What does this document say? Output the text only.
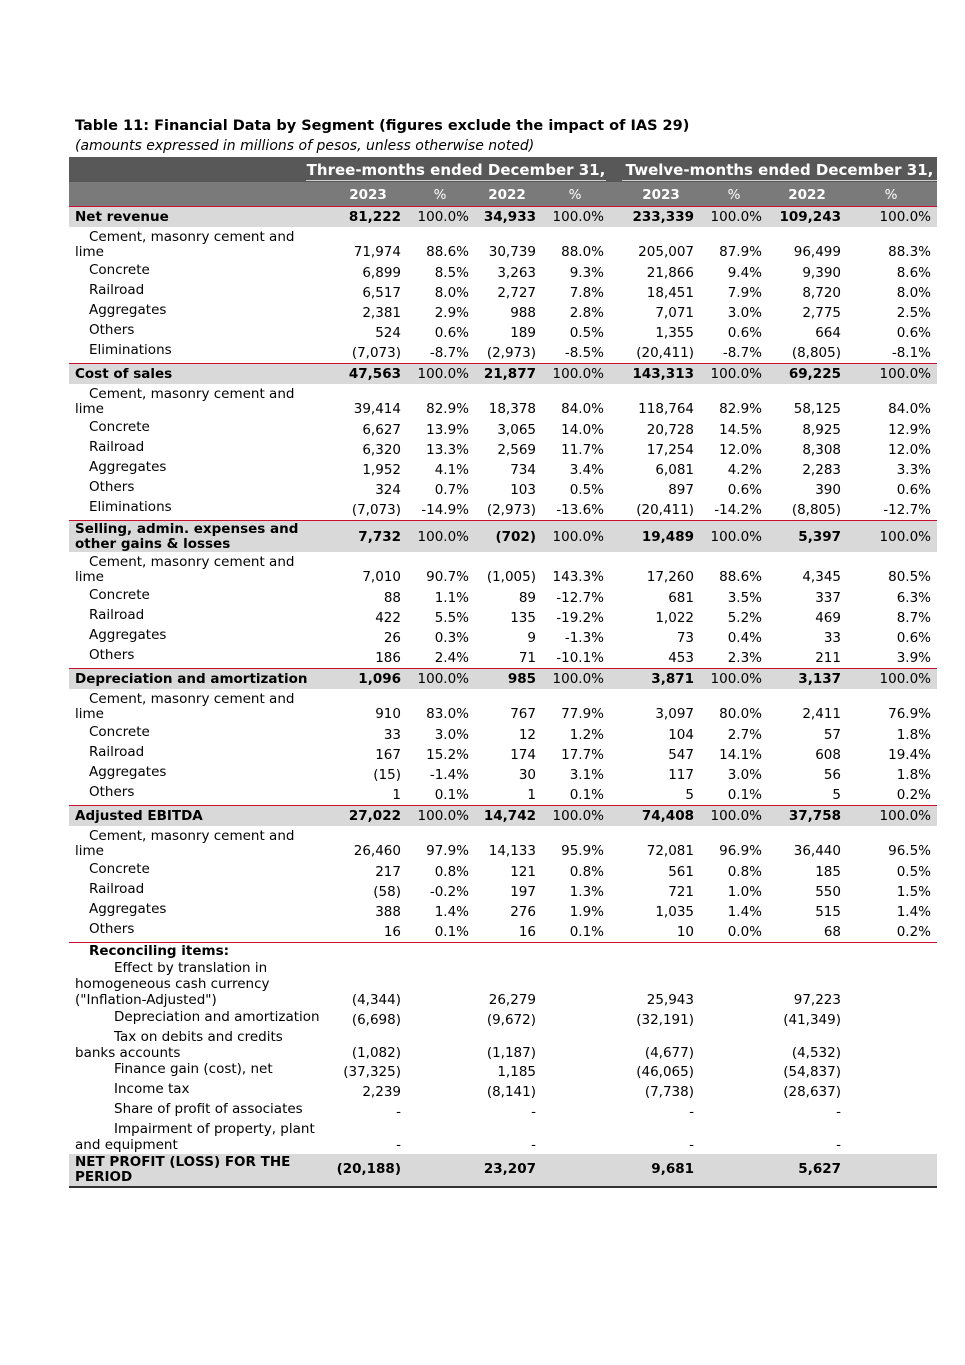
Table 11: Financial Data by Segment (figures exclude the impact of IAS 29)
(amounts expressed in millions of pesos, unless otherwise noted)
Three-months ended December 31, Twelve-months ended December 31,
2023	%	2022	%	2023	%	2022	%
Net revenue	81,222 100.0% 34,933 100.0% 233,339 100.0% 109,243	100.0%
Cement, masonry cement and
lime	71,974 88.6% 30,739 88.0%	205,007 87.9% 96,499	88.3%
Concrete	6,899 8.5% 3,263 9.3%	21,866 9.4%	9,390	8.6%
Railroad	6,517 8.0% 2,727 7.8%	18,451 7.9%	8,720	8.0%
Aggregates	2,381 2.9%	988 2.8%	7,071 3.0%	2,775	2.5%
Others	524 0.6%	189 0.5%	1,355 0.6%	664	0.6%
Eliminations	(7,073) -8.7% (2,973) -8.5% (20,411) -8.7% (8,805)	-8.1%
Cost of sales	47,563 100.0% 21,877 100.0% 143,313 100.0% 69,225	100.0%
Cement, masonry cement and
lime	39,414 82.9% 18,378 84.0%	118,764 82.9% 58,125	84.0%
Concrete	6,627 13.9% 3,065 14.0%	20,728 14.5%	8,925	12.9%
Railroad	6,320 13.3% 2,569 11.7%	17,254 12.0%	8,308	12.0%
Aggregates	1,952 4.1%	734 3.4%	6,081 4.2%	2,283	3.3%
Others	324 0.7%	103 0.5%	897 0.6%	390	0.6%
Eliminations	(7,073) -14.9% (2,973) -13.6% (20,411) -14.2% (8,805)	-12.7%
Selling, admin. expenses and
other gains & losses	7,732 100.0% (702) 100.0%	19,489 100.0%	5,397	100.0%
Cement, masonry cement and
lime	7,010 90.7% (1,005) 143.3%	17,260 88.6%	4,345	80.5%
Concrete	88 1.1%	89 -12.7%	681 3.5%	337	6.3%
Railroad	422 5.5%	135 -19.2%	1,022 5.2%	469	8.7%
Aggregates	26 0.3%	9 -1.3%	73 0.4%	33	0.6%
Others	186 2.4%	71 -10.1%	453 2.3%	211	3.9%
Depreciation and amortization	1,096 100.0%	985 100.0%	3,871 100.0%	3,137	100.0%
Cement, masonry cement and
lime	910 83.0%	767 77.9%	3,097 80.0%	2,411	76.9%
Concrete	33 3.0%	12 1.2%	104 2.7%	57	1.8%
Railroad	167 15.2%	174 17.7%	547 14.1%	608	19.4%
Aggregates	(15) -1.4%	30 3.1%	117 3.0%	56	1.8%
Others	1 0.1%	1 0.1%	5 0.1%	5	0.2%
Adjusted EBITDA	27,022 100.0% 14,742 100.0%	74,408 100.0% 37,758	100.0%
Cement, masonry cement and
lime	26,460 97.9% 14,133 95.9%	72,081 96.9% 36,440	96.5%
Concrete	217 0.8%	121 0.8%	561 0.8%	185	0.5%
Railroad	(58) -0.2%	197 1.3%	721 1.0%	550	1.5%
Aggregates	388 1.4%	276 1.9%	1,035 1.4%	515	1.4%
Others	16 0.1%	16 0.1%	10 0.0%	68	0.2%
Reconciling items:
Effect by translation in
homogeneous cash currency
("Inflation-Adjusted")	(4,344)	26,279	25,943	97,223
Depreciation and amortization (6,698)	(9,672)	(32,191)	(41,349)
Tax on debits and credits
banks accounts	(1,082)	(1,187)	(4,677)	(4,532)
Finance gain (cost), net	(37,325)	1,185	(46,065)	(54,837)
Income tax	2,239	(8,141)	(7,738)	(28,637)
Share of profit of associates	-	-	-	-
Impairment of property, plant
and equipment	-	-	-	-
NET PROFIT (LOSS) FOR THE
PERIOD	(20,188)	23,207	9,681	5,627
